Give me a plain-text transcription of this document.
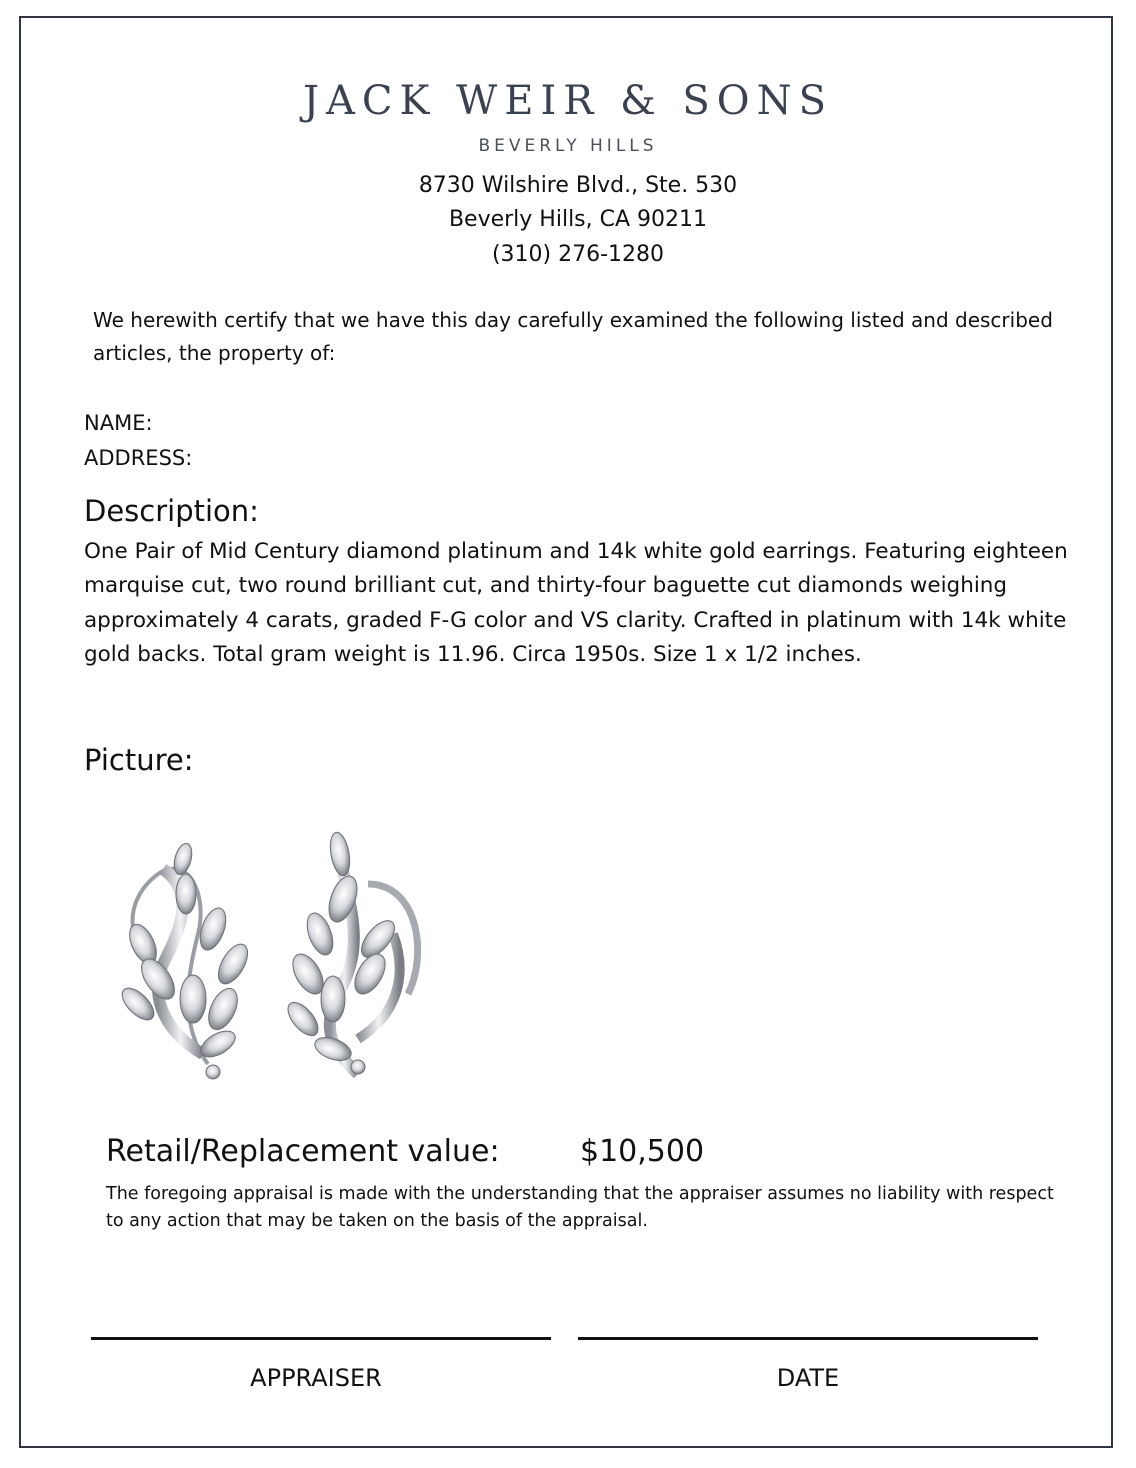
JACK WEIR & SONS
BEVERLY HILLS
8730 Wilshire Blvd., Ste. 530
Beverly Hills, CA 90211
(310) 276-1280
We herewith certify that we have this day carefully examined the following listed and described articles, the property of:
NAME:
ADDRESS:
Description:
One Pair of Mid Century diamond platinum and 14k white gold earrings. Featuring eighteen marquise cut, two round brilliant cut, and thirty-four baguette cut diamonds weighing approximately 4 carats, graded F-G color and VS clarity. Crafted in platinum with 14k white gold backs. Total gram weight is 11.96. Circa 1950s. Size 1 x 1/2 inches.
Picture:
Retail/Replacement value:	$10,500
The foregoing appraisal is made with the understanding that the appraiser assumes no liability with respect to any action that may be taken on the basis of the appraisal.
APPRAISER	DATE
